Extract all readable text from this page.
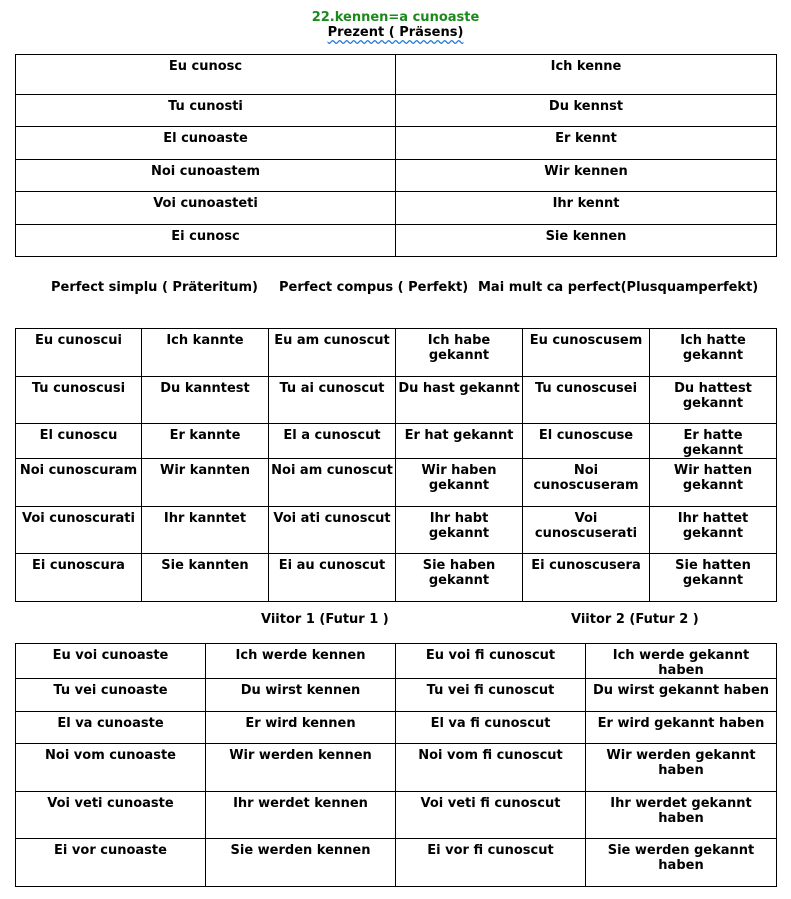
22.kennen=a cunoaste
Prezent ( Präsens)
Eu cunosc	Ich kenne
Tu cunosti	Du kennst
El cunoaste	Er kennt
Noi cunoastem	Wir kennen
Voi cunoasteti	Ihr kennt
Ei cunosc	Sie kennen
Perfect simplu ( Präteritum) Perfect compus ( Perfekt) Mai mult ca perfect(Plusquamperfekt)
Eu cunoscui	Ich kannte	Eu am cunoscut	Ich habe gekannt	Eu cunoscusem	Ich hatte gekannt
Tu cunoscusi	Du kanntest	Tu ai cunoscut	Du hast gekannt	Tu cunoscusei	Du hattest gekannt
El cunoscu	Er kannte	El a cunoscut	Er hat gekannt	El cunoscuse	Er hatte gekannt
Noi cunoscuram	Wir kannten	Noi am cunoscut	Wir haben gekannt	Noi cunoscuseram	Wir hatten gekannt
Voi cunoscurati	Ihr kanntet	Voi ati cunoscut	Ihr habt gekannt	Voi cunoscuserati	Ihr hattet gekannt
Ei cunoscura	Sie kannten	Ei au cunoscut	Sie haben gekannt	Ei cunoscusera	Sie hatten gekannt
Viitor 1 (Futur 1 )	Viitor 2 (Futur 2 )
Eu voi cunoaste	Ich werde kennen	Eu voi fi cunoscut	Ich werde gekannt haben
Tu vei cunoaste	Du wirst kennen	Tu vei fi cunoscut	Du wirst gekannt haben
El va cunoaste	Er wird kennen	El va fi cunoscut	Er wird gekannt haben
Noi vom cunoaste	Wir werden kennen	Noi vom fi cunoscut	Wir werden gekannt haben
Voi veti cunoaste	Ihr werdet kennen	Voi veti fi cunoscut	Ihr werdet gekannt haben
Ei vor cunoaste	Sie werden kennen	Ei vor fi cunoscut	Sie werden gekannt haben
